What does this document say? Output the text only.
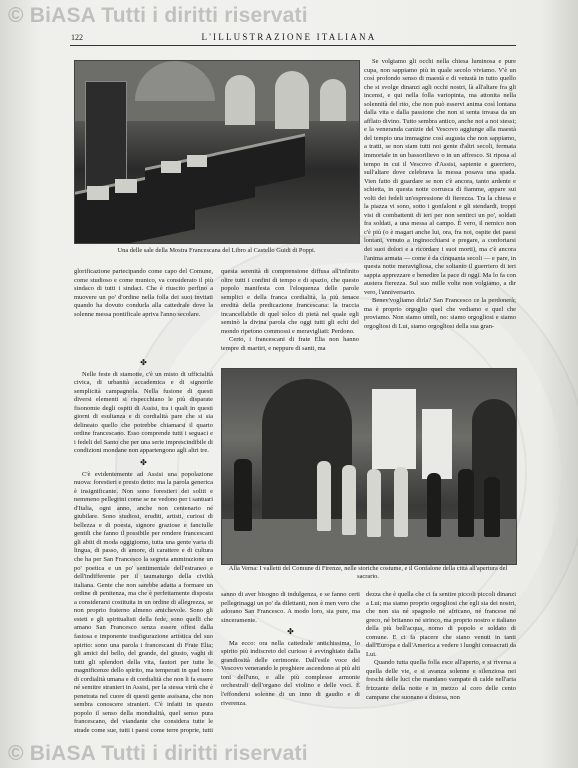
© BiASA Tutti i diritti riservati
© BiASA Tutti i diritti riservati
122	L'ILLUSTRAZIONE ITALIANA
Una delle sale della Mostra Francescana del Libro al Castello Guidi di Poppi.
Alla Verna: I valletti del Comune di Firenze, nelle storiche costume, e il Gonfalone della città all'apertura del sacrario.

glorificazione partecipando come capo del Comune, come studioso e come munico, va considerato il più sindaco di tutti i sindaci. Che è riuscito perfino a muovere un po' d'ordine nella folla dei suoi invitati quando ha dovuto condurla alla cattedrale dove la solenne messa pontificale apriva l'anno secolare.

questa serenità di comprensione diffusa all'infinito oltre tutti i confini di tempo e di spazio, che questo popolo manifesta con l'eloquenza delle parole semplici e della franca cordialità, la più tenace eredità della predicazione francescana: la traccia incancellabile di quel solco di pietà nel quale egli seminò la divina parola che oggi tutti gli echi del mondo ripetono commossi e meravigliati: Perdono.

Certo, i francescani di frate Elia non hanno tempre di martiri, e neppure di santi, ma

Se volgiamo gli occhi nella chiesa luminosa e pure cupa, non sappiamo più in quale secolo viviamo. V'è un così profondo senso di maestà e di vetustà in tutto quello che si svolge dinanzi agli occhi nostri, là all'altare fra gli incensi, e qui nella folla variopinta, ma attonita nella solennità del rito, che non può esservi anima così lontana dalla vita e dalla passione che non si senta invasa da un afflato divino. Tutto sembra antico, anche noi a noi stessi; e la veneranda canizie del Vescovo aggiunge alla maestà del tempio una immagine così augusta che non sappiamo, a tratti, se non siam tutti noi gente d'altri secoli, fermata immortale in un bassorilievo o in un affresco. Si riposa al tempo in cui il Vescovo d'Assisi, sapiente e guerriero, sull'altare dove celebrava la messa posava una spada. Vien fatto di guardare se non c'è ancora, tanto ardente e schietta, in questa notte corrusca di fiamme, appare sui volti dei fedeli un'espressione di fierezza. Tra la chiesa e la piazza vi sono, sotto i gonfaloni e gli stendardi, troppi visi di combattenti di ieri per non sentirci un po', soldati fra soldati, a una messa al campo. È vero, il nemico non c'è più (o è magari anche lui, ora, fra noi, ospite dei paesi lontani, venuto a inginocchiarsi e pregare, a confortarsi dei suoi dolori e a ricordare i suoi morti), ma c'è ancora l'anima armata — come è da cinquanta secoli — e pare, in questa notte meravigliosa, che soltanto il guerriero di ieri sappia apprezzare e benedire la pace di oggi. Ma lo fa con austera fierezza. Sul suo mille volte non volgiamo, a dir vero, l'anniversario.

Benev'vogliamo dirla? San Francesco ce la perdonerà; ma è proprio orgoglio quel che vediamo e quel che proviamo. Non siamo umili, no: siamo orgogliosi e siamo orgogliosi di Lui, siamo orgogliosi della sua gran-

✤

Nelle feste di stamotte, c'è un misto di ufficialità civica, di urbanità accademica e di signorile semplicità campagnola. Nella fusione di questi diversi elementi si rispecchiano le più disparate fisonomie degli ospiti di Assisi, tra i quali in questi giorni di esultanza e di cordialità pare che si sia delineato quello che potrebbe chiamarsi il quarto ordine francescano. Esso comprende tutti i seguaci e i fedeli del Santo che per una serie imprescindibile di condizioni mondane non appartengono agli altri tre.

✤

C'è evidentemente ad Assisi una popolazione nuova: forestieri e presto detto: ma la parola generica è insignificante. Non sono forestieri dei soliti e nemmeno pellegrini come se ne vedono per i santuari d'Italia, ogni anno, anche non centenario né giubilare. Sono studiosi, eruditi, artisti, curiosi di bellezza e di poesia, signore graziose e fanciulle gentili che fanno il possibile per rendere francescani gli abiti di moda oggigiorno, tutta una gente varia di lingua, di passo, di amore, di carattere e di cultura che ha per San Francesco la segreta ammirazione un po' poetica e un po' sentimentale dell'estraneo e dell'indifferente per il taumaturgo della civiltà italiana. Gente che non sarebbe adatta a formare un ordine di penitenza, ma che è perfettamente disposta a considerarsi costituita in un ordine di allegrezza, se non proprio fraterno almeno amichevole. Sono gli esteti e gli spiritualisti della fede, sono quelli che amano San Francesco senza essere offesi dalla fastosa e imponente trasfigurazione artistica del suo spirito: sono una parola i francescani di Frate Elia; gli amici del bello, del grande, del giusto, vaghi di tutti gli splendori della vita, fautori per tutte le magnificenze dello spirito, ma temperati in quel tono di cordialità umana e di cordialità che non li fa essere né semitre stranieri in Assisi, per la stessa virtù che è penetrata nel cuore di questi gente assisana, che non sembra conoscere stranieri. C'è infatti in questo popolo il senso della mondialità, quel senso pura francescano, del viandante che considera tutte le strade come sue, tutti i paesi come terre proprie, tutti

sanno di aver bisogno di indulgenza, e se fanno certi pellegrinaggi un po' da dilettanti, non è men vero che adorano San Francesco. A modo loro, sia pure, ma sinceramente.

✤

Ma ecco: ora nella cattedrale antichissima, lo spirito più indiscreto del curioso è avvinghiato dalla grandiosità delle cerimonie. Dall'esile voce del Vescovo venerando le preghiere ascendono ai più alti toni dell'uno, e alle più complesse armonie orchestrali dell'organo del violino e delle voci. È l'effondersi solenne di un inno di gaudio e di riverenza.

dezza che è quella che ci fa sentire piccoli piccoli dinanzi a Lui; ma siamo proprio orgogliosi che egli sia dei nostri, che non sia né spagnolo né africano, né francese né greco, né britanno né sirinco, ma proprio nostro e italiano della più bell'acqua, nomo di popolo e soldato di comune. E ci fa piacere che siano venuti in tanti dall'Europa e dall'America a vedere i luoghi consacrati da Lui.

Quando tutta quella folla esce all'aperto, e si riversa a quella delle vie, e si avanza solenne e silenziosa nei freschi delle luci che mandano vampate di calde nell'aria frizzante della notte e in mezzo al coro delle cento campane che suonano a distesa, non
